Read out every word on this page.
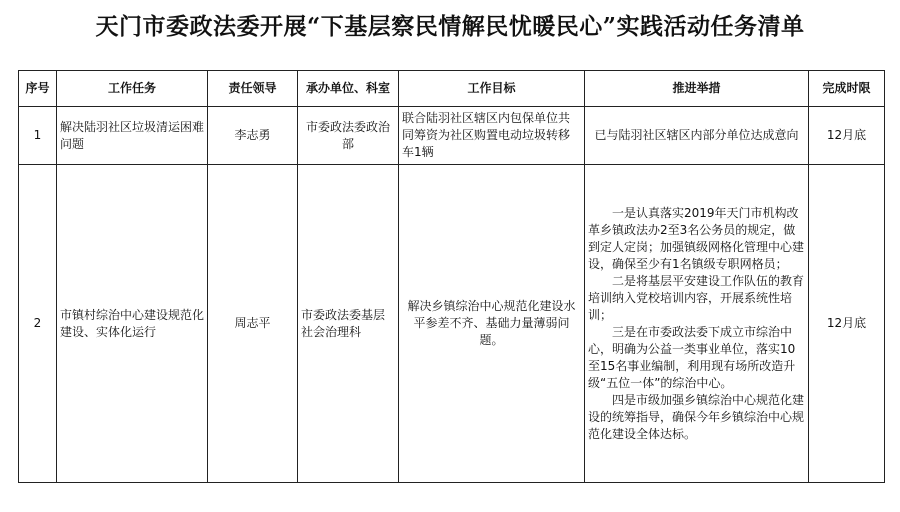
天门市委政法委开展“下基层察民情解民忧暖民心”实践活动任务清单
序号	工作任务	责任领导	承办单位、科室	工作目标	推进举措	完成时限
1	解决陆羽社区垃圾清运困难问题	李志勇	市委政法委政治部	联合陆羽社区辖区内包保单位共同筹资为社区购置电动垃圾转移车1辆	已与陆羽社区辖区内部分单位达成意向	12月底
2	市镇村综治中心建设规范化建设、实体化运行	周志平	市委政法委基层社会治理科	解决乡镇综治中心规范化建设水平参差不齐、基础力量薄弱问题。	　　一是认真落实2019年天门市机构改革乡镇政法办2至3名公务员的规定，做到定人定岗；加强镇级网格化管理中心建设，确保至少有1名镇级专职网格员；
　　二是将基层平安建设工作队伍的教育培训纳入党校培训内容，开展系统性培训；
　　三是在市委政法委下成立市综治中心，明确为公益一类事业单位，落实10至15名事业编制，利用现有场所改造升级“五位一体”的综治中心。
　　四是市级加强乡镇综治中心规范化建设的统筹指导，确保今年乡镇综治中心规范化建设全体达标。	12月底
